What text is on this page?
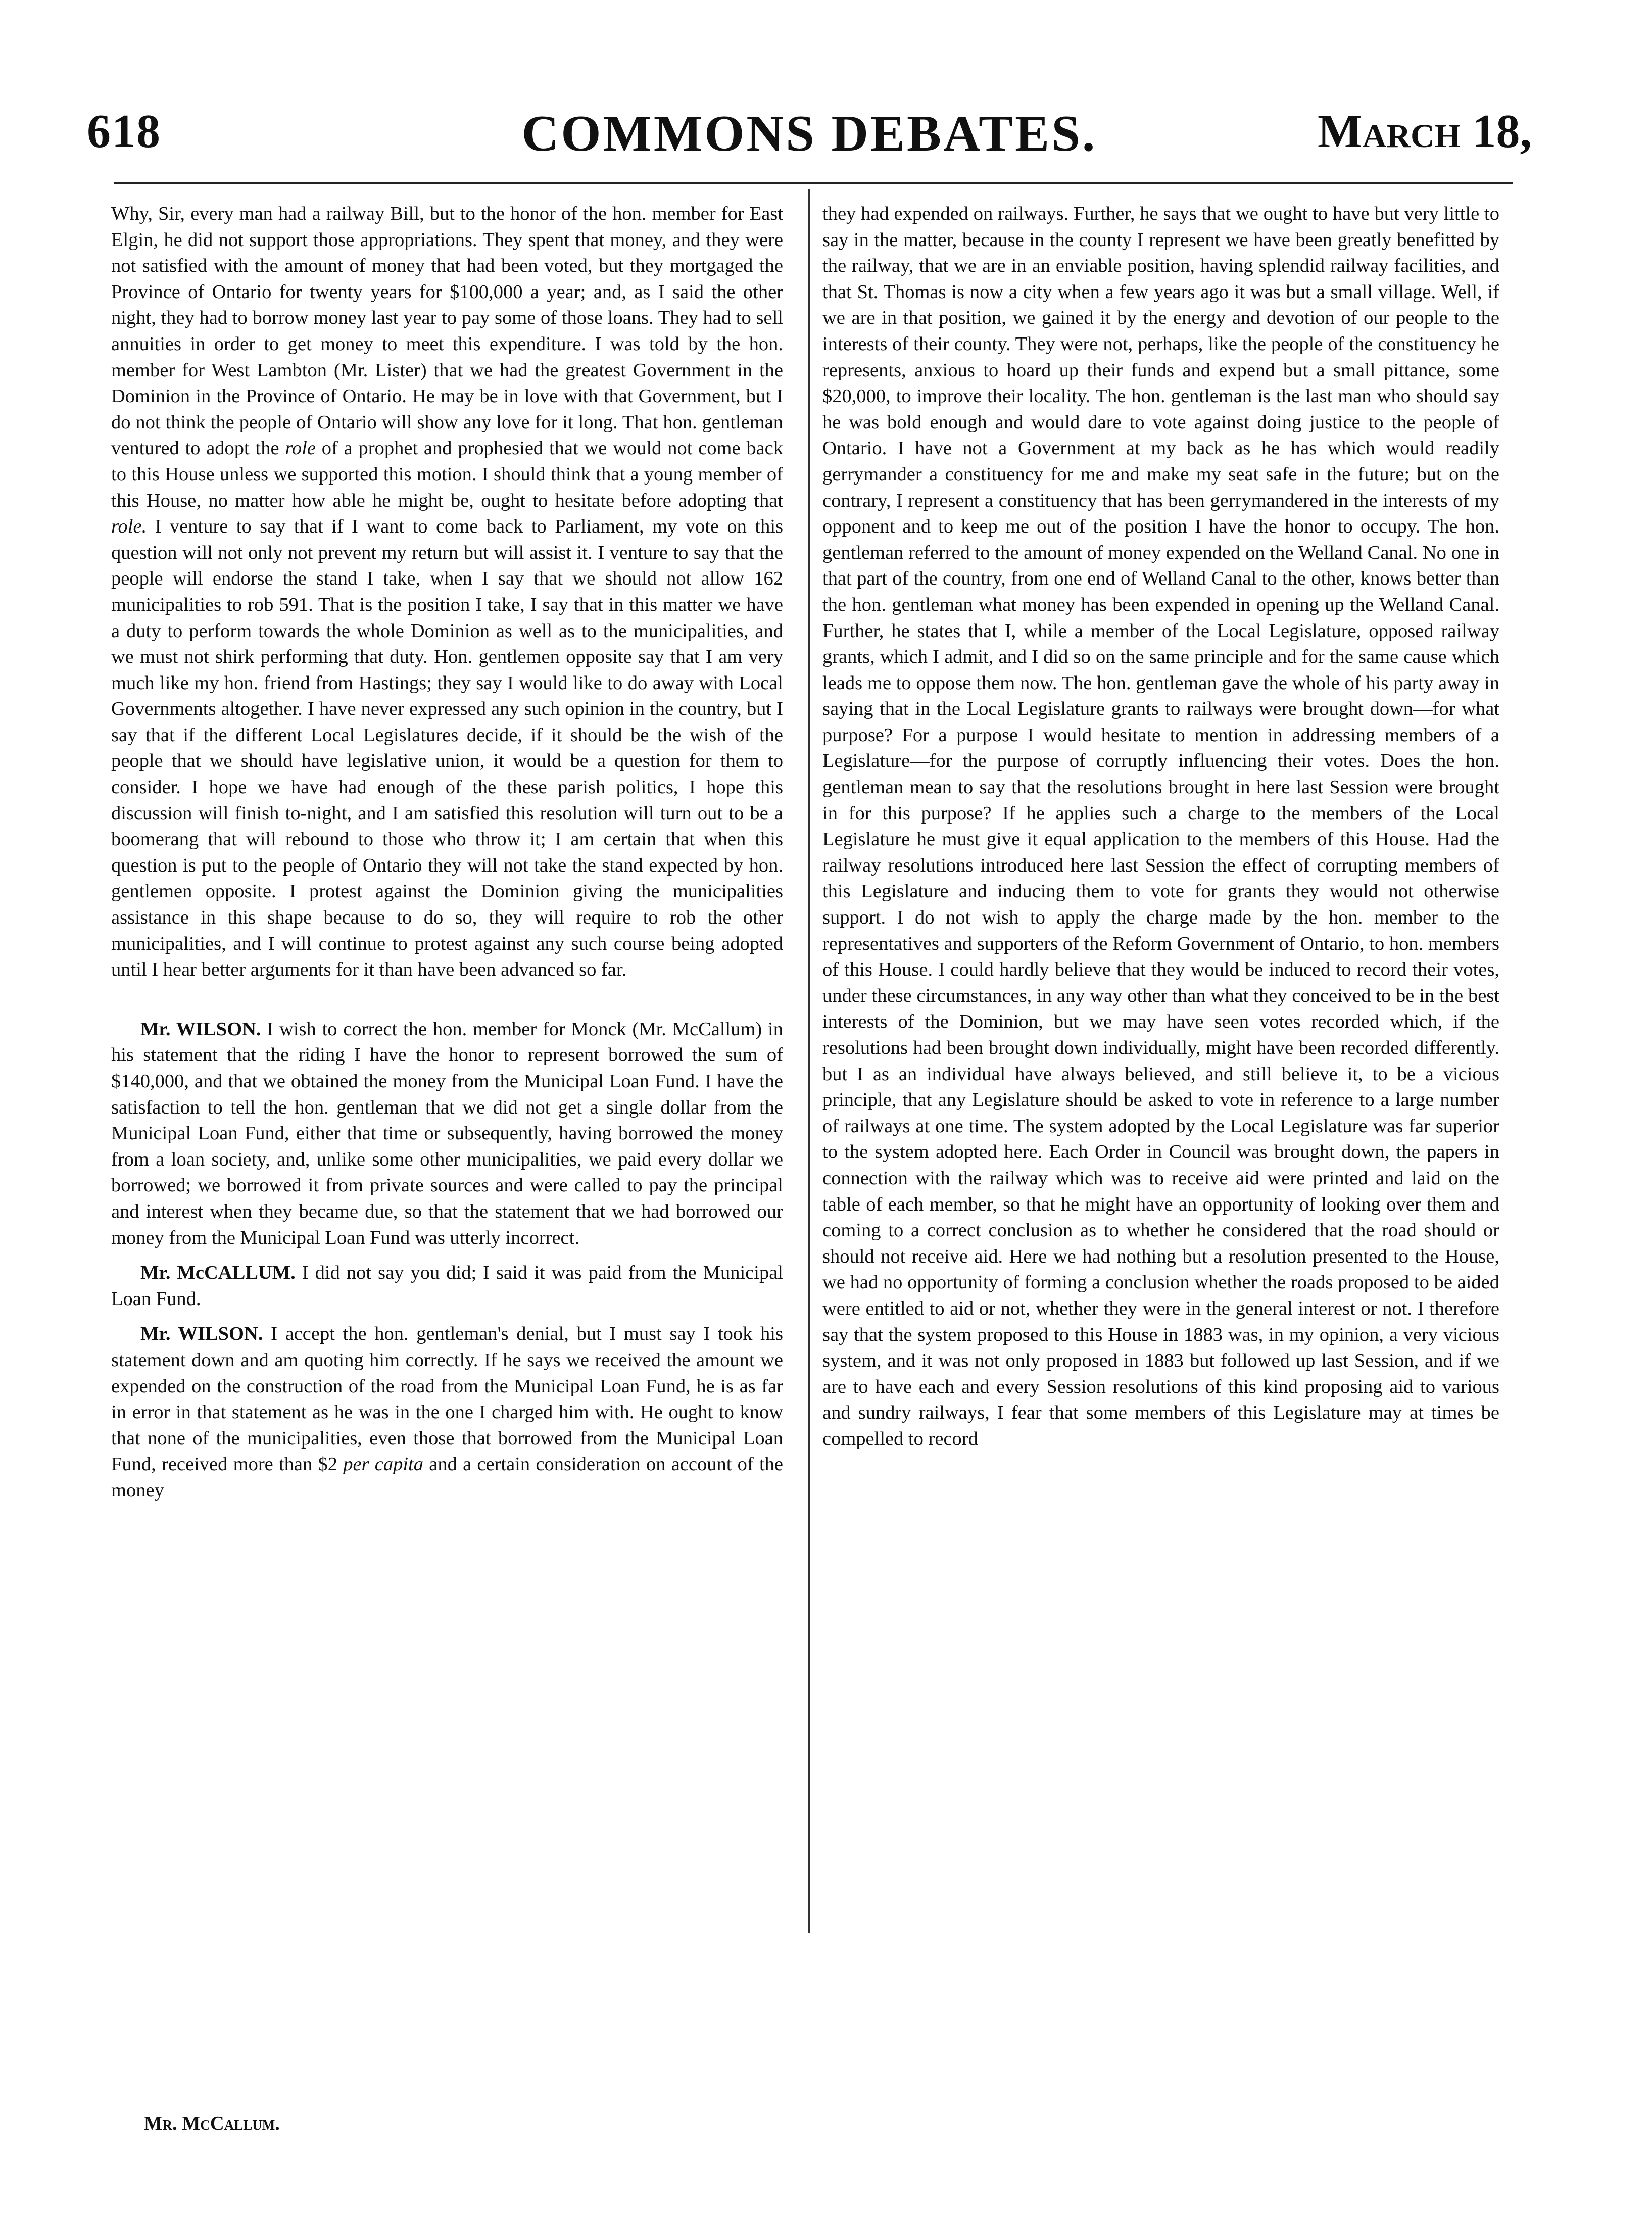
618	COMMONS DEBATES.	March 18,

Why, Sir, every man had a railway Bill, but to the honor of the hon. member for East Elgin, he did not support those appropriations. They spent that money, and they were not satisfied with the amount of money that had been voted, but they mortgaged the Province of Ontario for twenty years for $100,000 a year; and, as I said the other night, they had to borrow money last year to pay some of those loans. They had to sell annuities in order to get money to meet this expenditure. I was told by the hon. member for West Lambton (Mr. Lister) that we had the greatest Government in the Dominion in the Province of Ontario. He may be in love with that Government, but I do not think the people of Ontario will show any love for it long. That hon. gentleman ventured to adopt the role of a prophet and prophesied that we would not come back to this House unless we supported this motion. I should think that a young member of this House, no matter how able he might be, ought to hesitate before adopting that role. I venture to say that if I want to come back to Parliament, my vote on this question will not only not prevent my return but will assist it. I venture to say that the people will endorse the stand I take, when I say that we should not allow 162 municipalities to rob 591. That is the position I take, I say that in this matter we have a duty to perform towards the whole Dominion as well as to the municipalities, and we must not shirk performing that duty. Hon. gentlemen opposite say that I am very much like my hon. friend from Hastings; they say I would like to do away with Local Governments altogether. I have never expressed any such opinion in the country, but I say that if the different Local Legislatures decide, if it should be the wish of the people that we should have legislative union, it would be a question for them to consider. I hope we have had enough of the these parish politics, I hope this discussion will finish to-night, and I am satisfied this resolution will turn out to be a boomerang that will rebound to those who throw it; I am certain that when this question is put to the people of Ontario they will not take the stand expected by hon. gentlemen opposite. I protest against the Dominion giving the municipalities assistance in this shape because to do so, they will require to rob the other municipalities, and I will continue to protest against any such course being adopted until I hear better arguments for it than have been advanced so far.

Mr. WILSON. I wish to correct the hon. member for Monck (Mr. McCallum) in his statement that the riding I have the honor to represent borrowed the sum of $140,000, and that we obtained the money from the Municipal Loan Fund. I have the satisfaction to tell the hon. gentleman that we did not get a single dollar from the Municipal Loan Fund, either that time or subsequently, having borrowed the money from a loan society, and, unlike some other municipalities, we paid every dollar we borrowed; we borrowed it from private sources and were called to pay the principal and interest when they became due, so that the statement that we had borrowed our money from the Municipal Loan Fund was utterly incorrect.

Mr. McCALLUM. I did not say you did; I said it was paid from the Municipal Loan Fund.

Mr. WILSON. I accept the hon. gentleman's denial, but I must say I took his statement down and am quoting him correctly. If he says we received the amount we expended on the construction of the road from the Municipal Loan Fund, he is as far in error in that statement as he was in the one I charged him with. He ought to know that none of the municipalities, even those that borrowed from the Municipal Loan Fund, received more than $2 per capita and a certain consideration on account of the money

they had expended on railways. Further, he says that we ought to have but very little to say in the matter, because in the county I represent we have been greatly benefitted by the railway, that we are in an enviable position, having splendid railway facilities, and that St. Thomas is now a city when a few years ago it was but a small village. Well, if we are in that position, we gained it by the energy and devotion of our people to the interests of their county. They were not, perhaps, like the people of the constituency he represents, anxious to hoard up their funds and expend but a small pittance, some $20,000, to improve their locality. The hon. gentleman is the last man who should say he was bold enough and would dare to vote against doing justice to the people of Ontario. I have not a Government at my back as he has which would readily gerrymander a constituency for me and make my seat safe in the future; but on the contrary, I represent a constituency that has been gerrymandered in the interests of my opponent and to keep me out of the position I have the honor to occupy. The hon. gentleman referred to the amount of money expended on the Welland Canal. No one in that part of the country, from one end of Welland Canal to the other, knows better than the hon. gentleman what money has been expended in opening up the Welland Canal. Further, he states that I, while a member of the Local Legislature, opposed railway grants, which I admit, and I did so on the same principle and for the same cause which leads me to oppose them now. The hon. gentleman gave the whole of his party away in saying that in the Local Legislature grants to railways were brought down—for what purpose? For a purpose I would hesitate to mention in addressing members of a Legislature—for the purpose of corruptly influencing their votes. Does the hon. gentleman mean to say that the resolutions brought in here last Session were brought in for this purpose? If he applies such a charge to the members of the Local Legislature he must give it equal application to the members of this House. Had the railway resolutions introduced here last Session the effect of corrupting members of this Legislature and inducing them to vote for grants they would not otherwise support. I do not wish to apply the charge made by the hon. member to the representatives and supporters of the Reform Government of Ontario, to hon. members of this House. I could hardly believe that they would be induced to record their votes, under these circumstances, in any way other than what they conceived to be in the best interests of the Dominion, but we may have seen votes recorded which, if the resolutions had been brought down individually, might have been recorded differently. but I as an individual have always believed, and still believe it, to be a vicious principle, that any Legislature should be asked to vote in reference to a large number of railways at one time. The system adopted by the Local Legislature was far superior to the system adopted here. Each Order in Council was brought down, the papers in connection with the railway which was to receive aid were printed and laid on the table of each member, so that he might have an opportunity of looking over them and coming to a correct conclusion as to whether he considered that the road should or should not receive aid. Here we had nothing but a resolution presented to the House, we had no opportunity of forming a conclusion whether the roads proposed to be aided were entitled to aid or not, whether they were in the general interest or not. I therefore say that the system proposed to this House in 1883 was, in my opinion, a very vicious system, and it was not only proposed in 1883 but followed up last Session, and if we are to have each and every Session resolutions of this kind proposing aid to various and sundry railways, I fear that some members of this Legislature may at times be compelled to record

Mr. McCallum.
